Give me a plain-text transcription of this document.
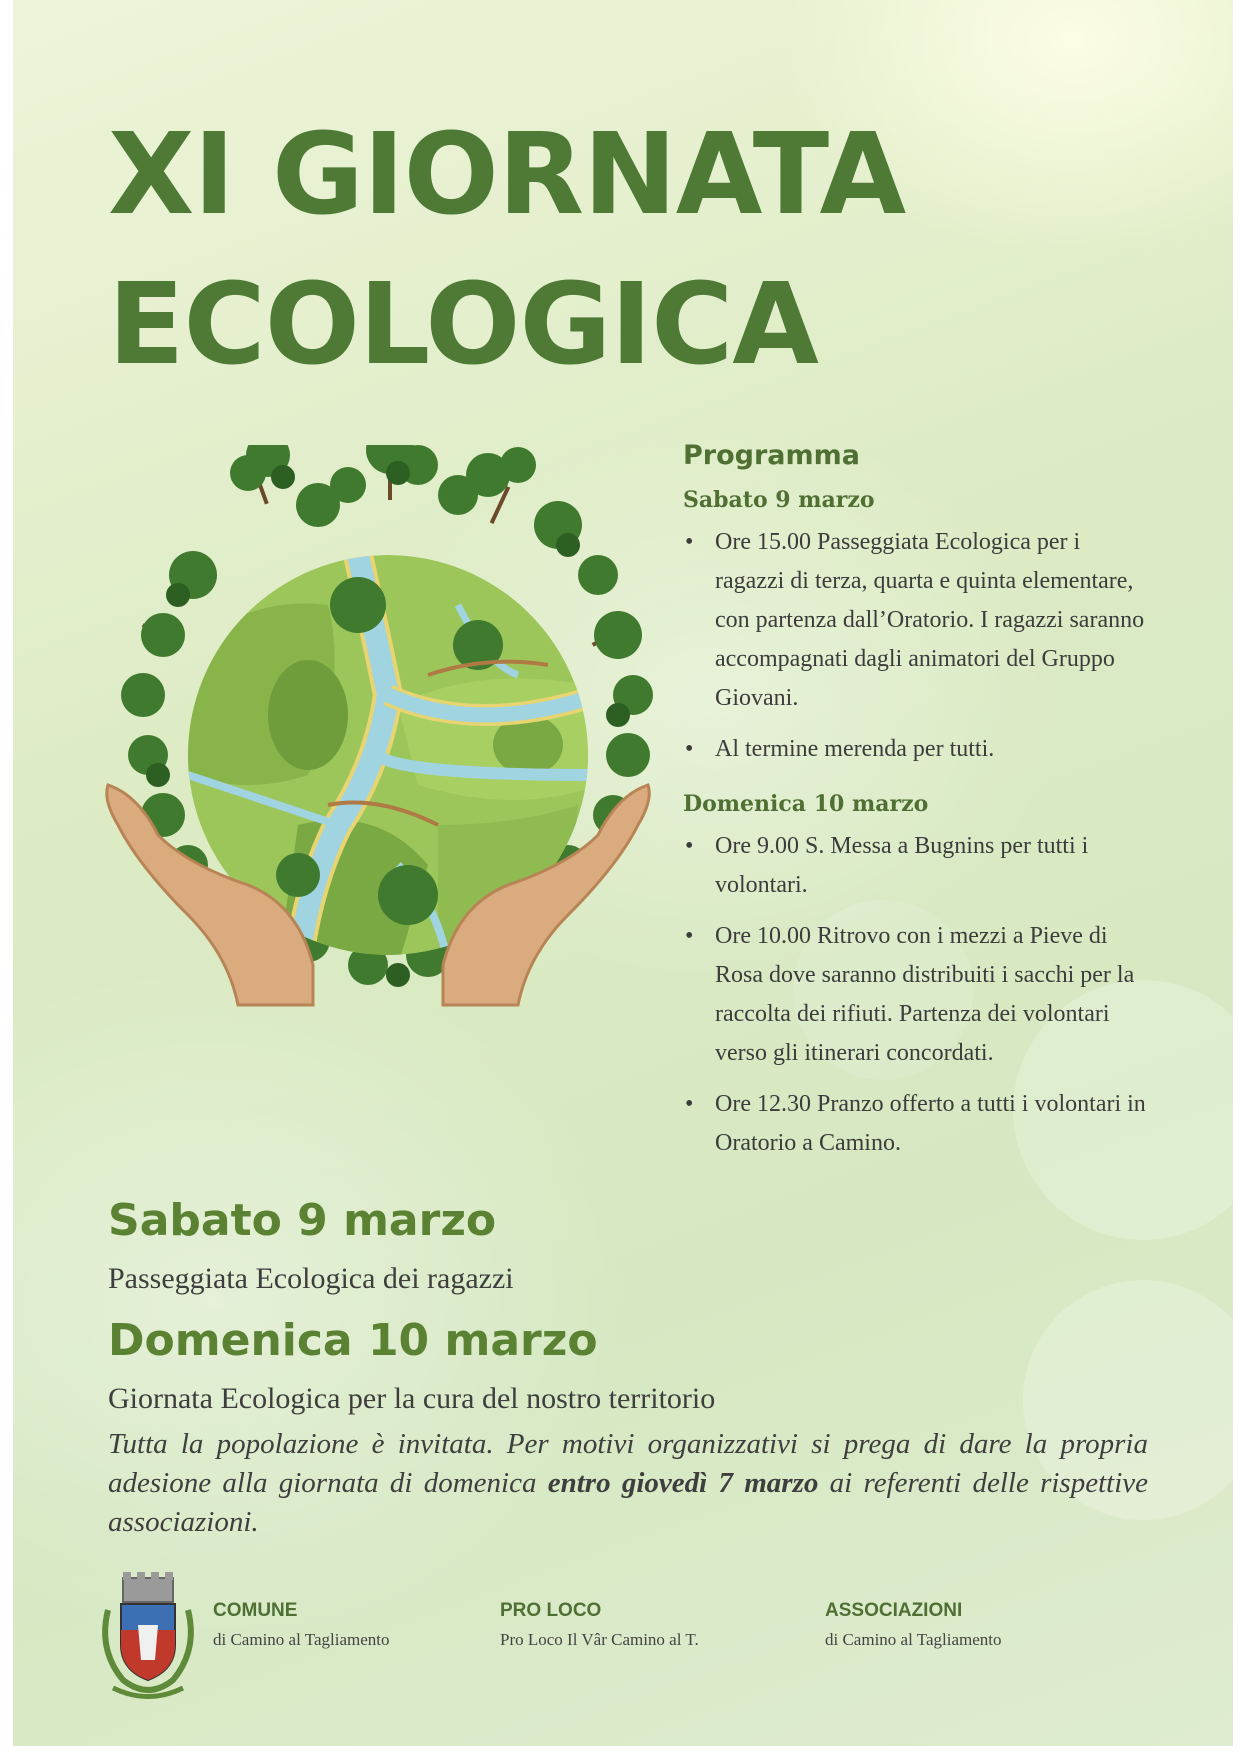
XI GIORNATA
ECOLOGICA
Programma
Sabato 9 marzo
• Ore 15.00 Passeggiata Ecologica per i ragazzi di terza, quarta e quinta elementare, con partenza dall’Oratorio. I ragazzi saranno accompagnati dagli animatori del Gruppo Giovani.
• Al termine merenda per tutti.
Domenica 10 marzo
• Ore 9.00 S. Messa a Bugnins per tutti i volontari.
• Ore 10.00 Ritrovo con i mezzi a Pieve di Rosa dove saranno distribuiti i sacchi per la raccolta dei rifiuti. Partenza dei volontari verso gli itinerari concordati.
• Ore 12.30 Pranzo offerto a tutti i volontari in Oratorio a Camino.

Sabato 9 marzo

Passeggiata Ecologica dei ragazzi

Domenica 10 marzo

Giornata Ecologica per la cura del nostro territorio

Tutta la popolazione è invitata. Per motivi organizzativi si prega di dare la propria adesione alla giornata di domenica entro giovedì 7 marzo ai referenti delle rispettive associazioni.

COMUNE

di Camino al Tagliamento

PRO LOCO

Pro Loco Il Vâr Camino al T.

ASSOCIAZIONI

di Camino al Tagliamento
